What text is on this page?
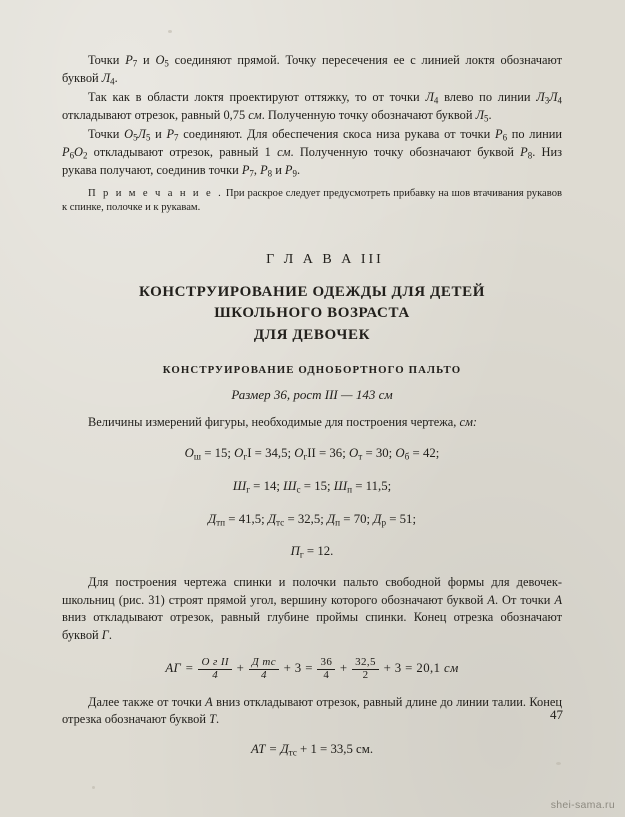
Точки $Р_7$ и $О_5$ соединяют прямой. Точку пересечения ее с линией локтя обозначают буквой $Л_4$.

Так как в области локтя проектируют оттяжку, то от точки $Л_4$ влево по линии $Л_3Л_4$ откладывают отрезок, равный 0,75 см. Полученную точку обозначают буквой $Л_5$.

Точки $О_5Л_5$ и $Р_7$ соединяют. Для обеспечения скоса низа рукава от точки $Р_6$ по линии $Р_6О_2$ откладывают отрезок, равный 1 см. Полученную точку обозначают буквой $Р_8$. Низ рукава получают, соединив точки $Р_7$, $Р_8$ и $Р_9$.

П р и м е ч а н и е . При раскрое следует предусмотреть прибавку на шов втачивания рукавов к спинке, полочке и к рукавам.

Г Л А В А III

КОНСТРУИРОВАНИЕ ОДЕЖДЫ ДЛЯ ДЕТЕЙ
ШКОЛЬНОГО ВОЗРАСТА
ДЛЯ ДЕВОЧЕК

КОНСТРУИРОВАНИЕ ОДНОБОРТНОГО ПАЛЬТО

Размер 36, рост III — 143 см

Величины измерений фигуры, необходимые для построения чертежа, см:

$О_ш = 15$; $О_гI = 34,5$; $О_гII = 36$; $О_т = 30$; $О_б = 42$;

$Ш_г = 14$; $Ш_с = 15$; $Ш_п = 11,5$;

$Д_{тп} = 41,5$; $Д_{тс} = 32,5$; $Д_п = 70$; $Д_р = 51$;

$П_г = 12$.

Для построения чертежа спинки и полочки пальто свободной формы для девочек-школьниц (рис. 31) строят прямой угол, вершину которого обозначают буквой А. От точки А вниз откладывают отрезок, равный глубине проймы спинки. Конец отрезка обозначают буквой Г.

АГ = $\frac{\text{О г II}}{4} + \frac{\text{Д тс}}{4} + 3 = \frac{36}{4} + \frac{32,5}{2} + 3 = 20,1$ см

Далее также от точки А вниз откладывают отрезок, равный длине до линии талии. Конец отрезка обозначают буквой Т.

АТ = $Д_{тс} + 1 = 33,5$ см.

47
shei-sama.ru
